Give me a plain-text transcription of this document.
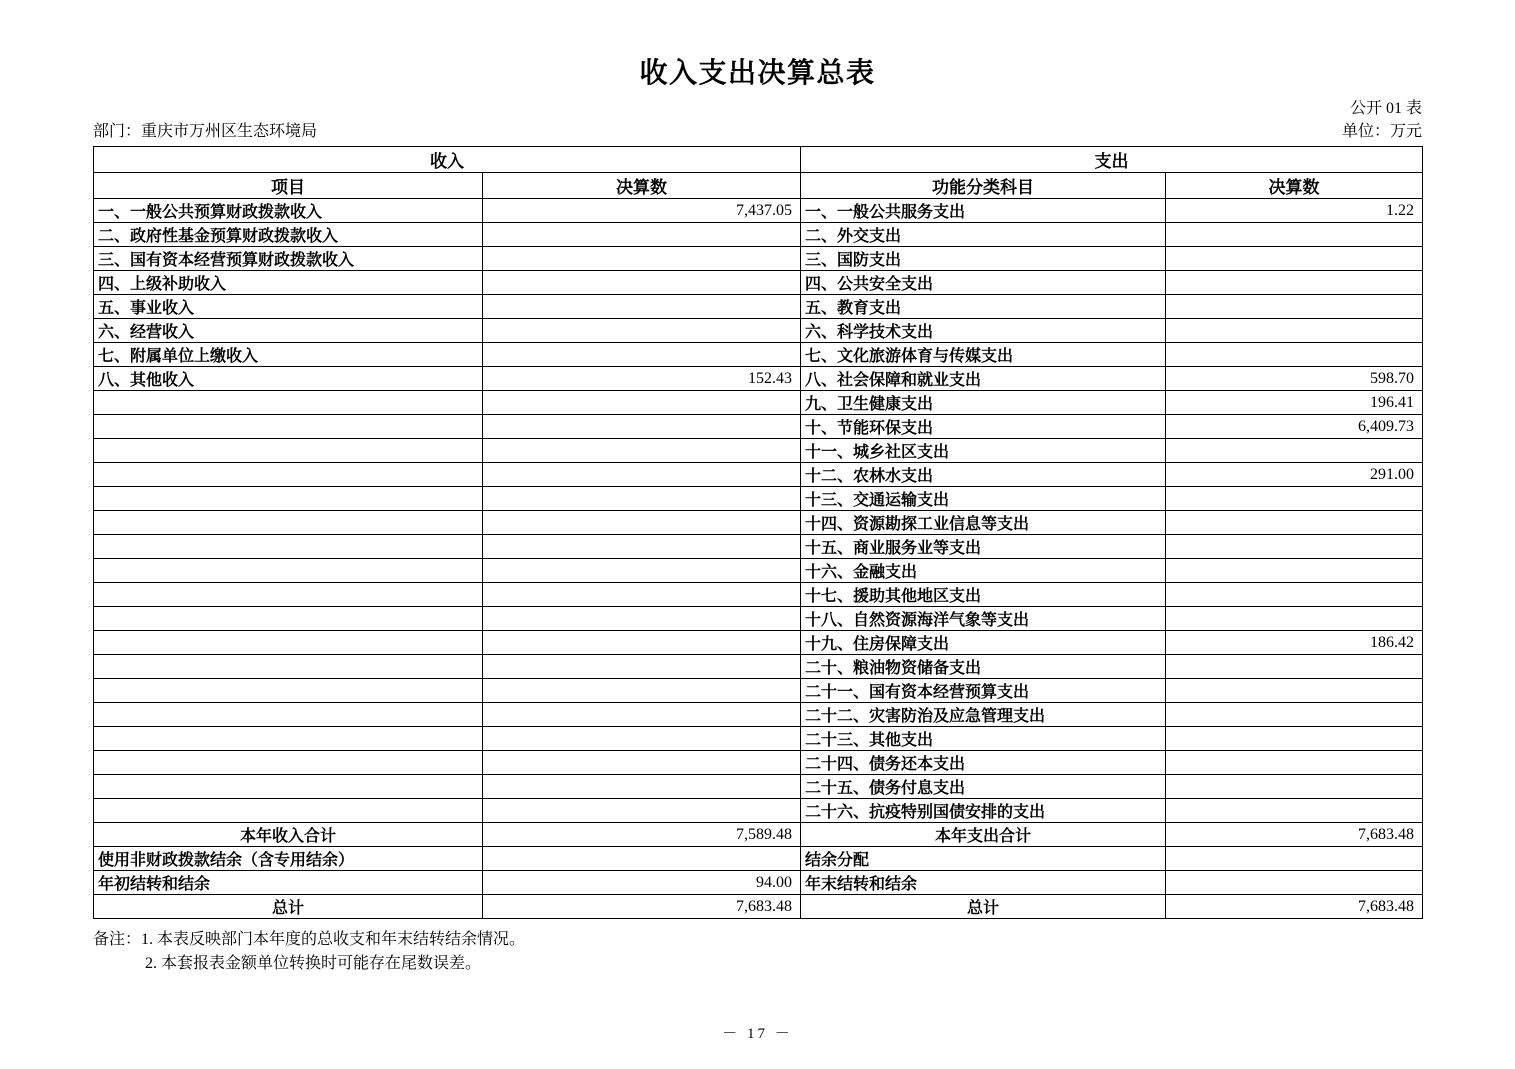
收入支出决算总表
公开 01 表
部门：重庆市万州区生态环境局	单位：万元
收入		支出	
项目	决算数	功能分类科目	决算数
一、一般公共预算财政拨款收入	7,437.05	一、一般公共服务支出	1.22
二、政府性基金预算财政拨款收入		二、外交支出	
三、国有资本经营预算财政拨款收入		三、国防支出	
四、上级补助收入		四、公共安全支出	
五、事业收入		五、教育支出	
六、经营收入		六、科学技术支出	
七、附属单位上缴收入		七、文化旅游体育与传媒支出	
八、其他收入	152.43	八、社会保障和就业支出	598.70
		九、卫生健康支出	196.41
		十、节能环保支出	6,409.73
		十一、城乡社区支出	
		十二、农林水支出	291.00
		十三、交通运输支出	
		十四、资源勘探工业信息等支出	
		十五、商业服务业等支出	
		十六、金融支出	
		十七、援助其他地区支出	
		十八、自然资源海洋气象等支出	
		十九、住房保障支出	186.42
		二十、粮油物资储备支出	
		二十一、国有资本经营预算支出	
		二十二、灾害防治及应急管理支出	
		二十三、其他支出	
		二十四、债务还本支出	
		二十五、债务付息支出	
		二十六、抗疫特别国债安排的支出	
本年收入合计	7,589.48	本年支出合计	7,683.48
使用非财政拨款结余（含专用结余）		结余分配	
年初结转和结余	94.00	年末结转和结余	
总计	7,683.48	总计	7,683.48
备注：1. 本表反映部门本年度的总收支和年末结转结余情况。
2. 本套报表金额单位转换时可能存在尾数误差。
－ 17 －
